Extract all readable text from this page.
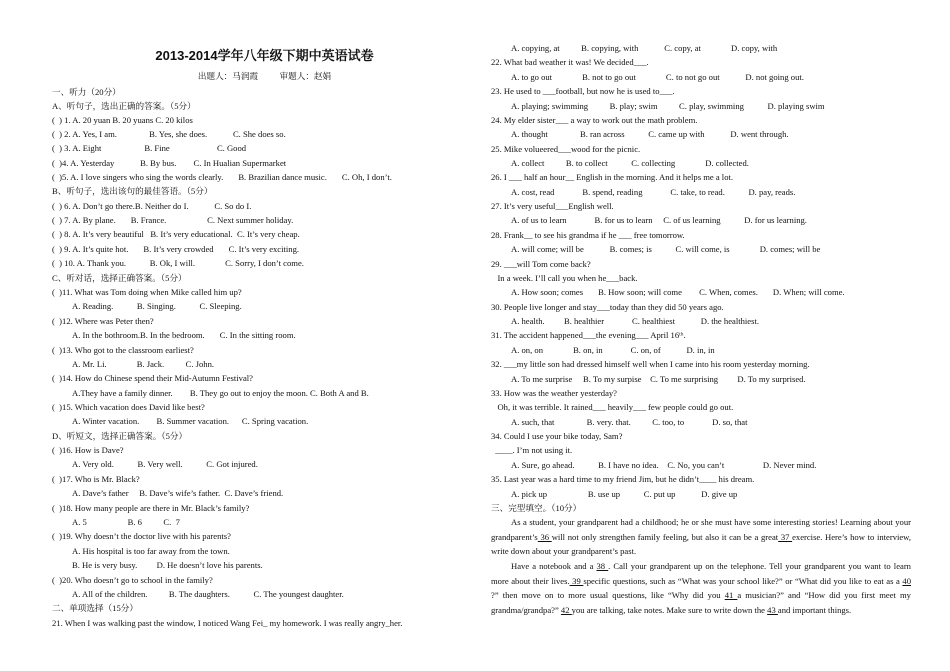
2013-2014学年八年级下期中英语试卷
出题人：马润霞          审题人：赵娟
一、听力（20分）
A、听句子，选出正确的答案。（5分）
(  ) 1. A. 20 yuan B. 20 yuans C. 20 kilos
(  ) 2. A. Yes, I am.               B. Yes, she does.            C. She does so.
(  ) 3. A. Eight                    B. Fine                      C. Good
(  )4. A. Yesterday            B. By bus.        C. In Hualian Supermarket
(  )5. A. I love singers who sing the words clearly.       B. Brazilian dance music.       C. Oh, I don’t.
B、听句子，选出该句的最佳答语。（5分）
(  ) 6. A. Don’t go there.B. Neither do I.            C. So do I.
(  ) 7. A. By plane.       B. France.                   C. Next summer holiday.
(  ) 8. A. It’s very beautiful   B. It’s very educational.  C. It’s very cheap.
(  ) 9. A. It’s quite hot.       B. It’s very crowded       C. It’s very exciting.
(  ) 10. A. Thank you.           B. Ok, I will.              C. Sorry, I don’t come.
C、听对话，选择正确答案。（5分）
(  )11. What was Tom doing when Mike called him up?
A. Reading.           B. Singing.           C. Sleeping.
(  )12. Where was Peter then?
A. In the bothroom.B. In the bedroom.       C. In the sitting room.
(  )13. Who got to the classroom earliest?
A. Mr. Li.              B. Jack.          C. John.
(  )14. How do Chinese spend their Mid-Autumn Festival?
A.They have a family dinner.        B. They go out to enjoy the moon. C. Both A and B.
(  )15. Which vacation does David like best?
A. Winter vacation.        B. Summer vacation.      C. Spring vacation.
D、听短文，选择正确答案。（5分）
(  )16. How is Dave?
A. Very old.           B. Very well.           C. Got injured.
(  )17. Who is Mr. Black?
A. Dave’s father     B. Dave’s wife’s father.  C. Dave’s friend.
(  )18. How many people are there in Mr. Black’s family?
A. 5                   B. 6          C.  7
(  )19. Why doesn’t the doctor live with his parents?
A. His hospital is too far away from the town.
B. He is very busy.         D. He doesn’t love his parents.
(  )20. Who doesn’t go to school in the family?
A. All of the children.          B. The daughters.           C. The youngest daughter.
二、单项选择（15分）
21. When I was walking past the window, I noticed Wang Fei_ my homework. I was really angry_her.

As a student, your grandparent had a childhood; he or she must have some interesting stories! Learning about your grandparent’s 36 will not only strengthen family feeling, but also it can be a great 37 exercise. Here’s how to interview, write down about your grandparent’s past.

Have a notebook and a 38 . Call your grandparent up on the telephone. Tell your grandparent you want to learn more about their lives. 39 specific questions, such as “What was your school like?” or “What did you like to eat as a 40 ?” then move on to more usual questions, like “Why did you 41 a musician?” and “How did you first meet my grandma/grandpa?” 42 you are talking, take notes. Make sure to write down the 43 and important things.

A. copying, at          B. copying, with            C. copy, at              D. copy, with
22. What bad weather it was! We decided___.
A. to go out              B. not to go out              C. to not go out            D. not going out.
23. He used to ___football, but now he is used to___.
A. playing; swimming          B. play; swim          C. play, swimming           D. playing swim
24. My elder sister___ a way to work out the math problem.
A. thought               B. ran across           C. came up with            D. went through.
25. Mike volueered___wood for the picnic.
A. collect          B. to collect           C. collecting              D. collected.
26. I ___ half an hour__ English in the morning. And it helps me a lot.
A. cost, read             B. spend, reading             C. take, to read.           D. pay, reads.
27. It’s very useful___English well.
A. of us to learn             B. for us to learn     C. of us learning           D. for us learning.
28. Frank__ to see his grandma if he ___ free tomorrow.
A. will come; will be            B. comes; is           C. will come, is              D. comes; will be
29. ___will Tom come back?
In a week. I’ll call you when he___back.
A. How soon; comes       B. How soon; will come        C. When, comes.       D. When; will come.
30. People live longer and stay___today than they did 50 years ago.
A. health.         B. healthier             C. healthiest            D. the healthiest.
31. The accident happened___the evening___ April 16ᵗʰ.
A. on, on              B. on, in             C. on, of            D. in, in
32. ___my little son had dressed himself well when I came into his room yesterday morning.
A. To me surprise     B. To my surpise    C. To me surprising         D. To my surprised.
33. How was the weather yesterday?
Oh, it was terrible. It rained___ heavily___ few people could go out.
A. such, that               B. very. that.          C. too, to             D. so, that
34. Could I use your bike today, Sam?
____. I’m not using it.
A. Sure, go ahead.           B. I have no idea.    C. No, you can’t                  D. Never mind.
35. Last year was a hard time to my friend Jim, but he didn’t____ his dream.
A. pick up                   B. use up           C. put up            D. give up
三、完型填空。（10分）
